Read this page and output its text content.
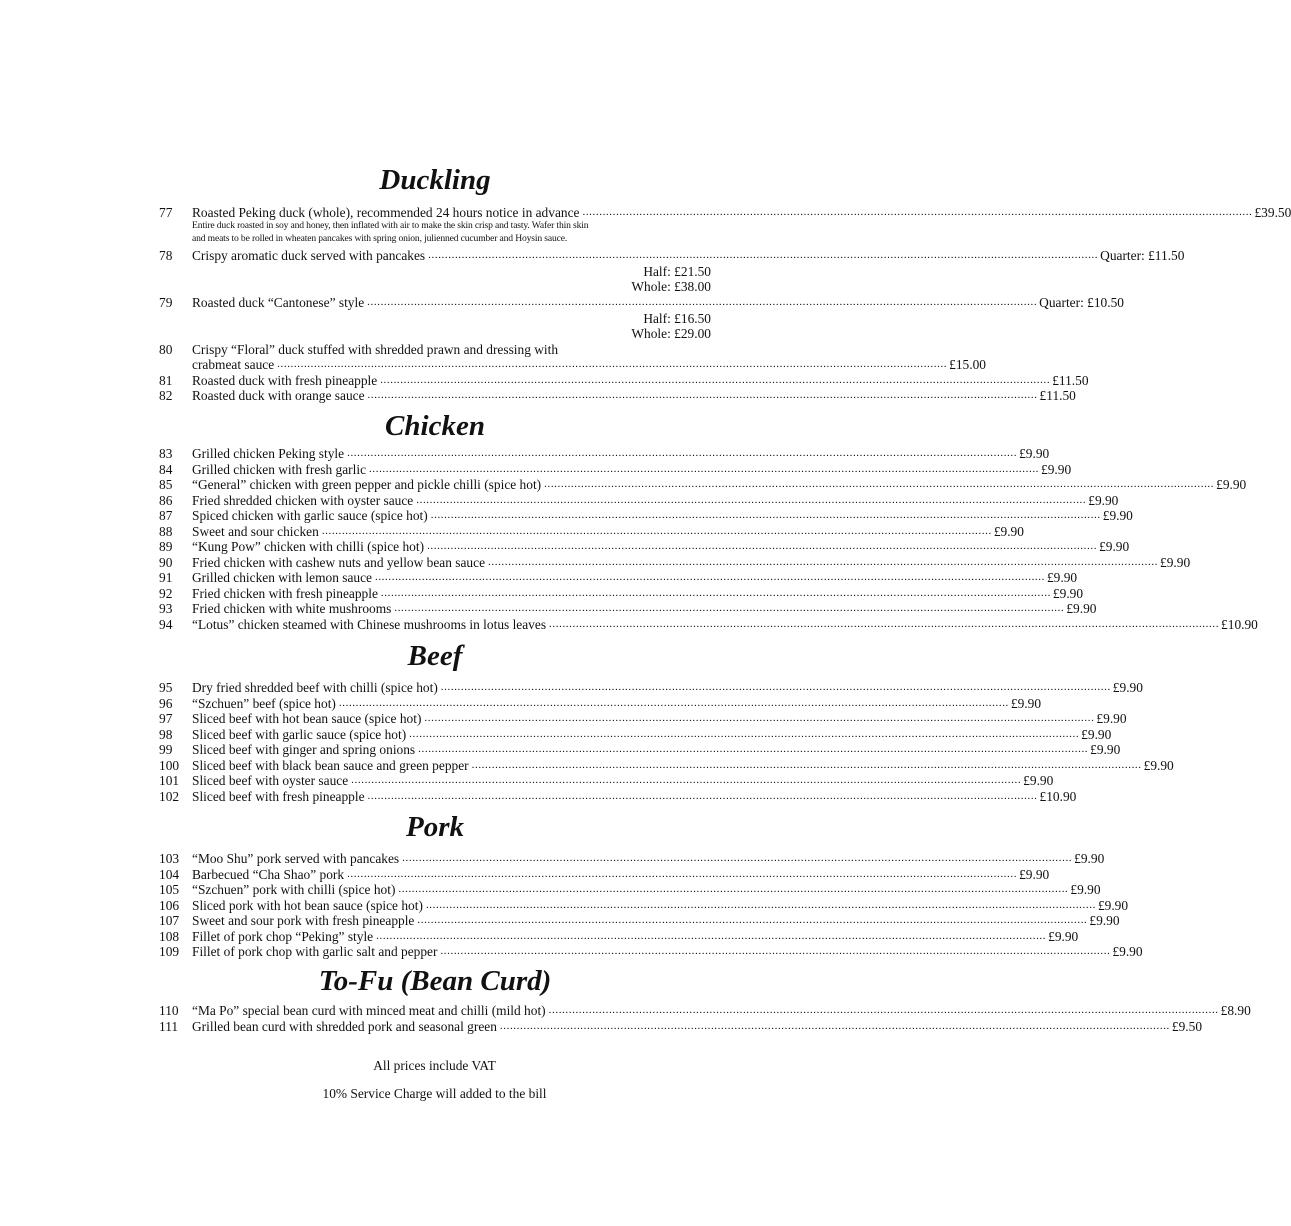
Duckling
77	Roasted Peking duck (whole), recommended 24 hours notice in advance ........................................................................................................................................................................................................ £39.50
Entire duck roasted in soy and honey, then inflated with air to make the skin crisp and tasty. Wafer thin skin
and meats to be rolled in wheaten pancakes with spring onion, julienned cucumber and Hoysin sauce.
78	Crispy aromatic duck served with pancakes ........................................................................................................................................................................................................ Quarter: £11.50
Half: £21.50
Whole: £38.00
79	Roasted duck “Cantonese” style ........................................................................................................................................................................................................ Quarter: £10.50
Half: £16.50
Whole: £29.00
80	Crispy “Floral” duck stuffed with shredded prawn and dressing with
crabmeat sauce ........................................................................................................................................................................................................ £15.00
81	Roasted duck with fresh pineapple ........................................................................................................................................................................................................ £11.50
82	Roasted duck with orange sauce ........................................................................................................................................................................................................ £11.50
Chicken
83	Grilled chicken Peking style ........................................................................................................................................................................................................ £9.90
84	Grilled chicken with fresh garlic ........................................................................................................................................................................................................ £9.90
85	“General” chicken with green pepper and pickle chilli (spice hot) ........................................................................................................................................................................................................ £9.90
86	Fried shredded chicken with oyster sauce ........................................................................................................................................................................................................ £9.90
87	Spiced chicken with garlic sauce (spice hot) ........................................................................................................................................................................................................ £9.90
88	Sweet and sour chicken ........................................................................................................................................................................................................ £9.90
89	“Kung Pow” chicken with chilli (spice hot) ........................................................................................................................................................................................................ £9.90
90	Fried chicken with cashew nuts and yellow bean sauce ........................................................................................................................................................................................................ £9.90
91	Grilled chicken with lemon sauce ........................................................................................................................................................................................................ £9.90
92	Fried chicken with fresh pineapple ........................................................................................................................................................................................................ £9.90
93	Fried chicken with white mushrooms ........................................................................................................................................................................................................ £9.90
94	“Lotus” chicken steamed with Chinese mushrooms in lotus leaves ........................................................................................................................................................................................................ £10.90
Beef
95	Dry fried shredded beef with chilli (spice hot) ........................................................................................................................................................................................................ £9.90
96	“Szchuen” beef (spice hot) ........................................................................................................................................................................................................ £9.90
97	Sliced beef with hot bean sauce (spice hot) ........................................................................................................................................................................................................ £9.90
98	Sliced beef with garlic sauce (spice hot) ........................................................................................................................................................................................................ £9.90
99	Sliced beef with ginger and spring onions ........................................................................................................................................................................................................ £9.90
100 Sliced beef with black bean sauce and green pepper ........................................................................................................................................................................................................ £9.90
101 Sliced beef with oyster sauce ........................................................................................................................................................................................................ £9.90
102 Sliced beef with fresh pineapple ........................................................................................................................................................................................................ £10.90
Pork
103 “Moo Shu” pork served with pancakes ........................................................................................................................................................................................................ £9.90
104 Barbecued “Cha Shao” pork ........................................................................................................................................................................................................ £9.90
105 “Szchuen” pork with chilli (spice hot) ........................................................................................................................................................................................................ £9.90
106 Sliced pork with hot bean sauce (spice hot) ........................................................................................................................................................................................................ £9.90
107 Sweet and sour pork with fresh pineapple ........................................................................................................................................................................................................ £9.90
108 Fillet of pork chop “Peking” style ........................................................................................................................................................................................................ £9.90
109 Fillet of pork chop with garlic salt and pepper ........................................................................................................................................................................................................ £9.90
To-Fu (Bean Curd)
110	“Ma Po” special bean curd with minced meat and chilli (mild hot) ........................................................................................................................................................................................................ £8.90
111	Grilled bean curd with shredded pork and seasonal green ........................................................................................................................................................................................................ £9.50
All prices include VAT
10% Service Charge will added to the bill
